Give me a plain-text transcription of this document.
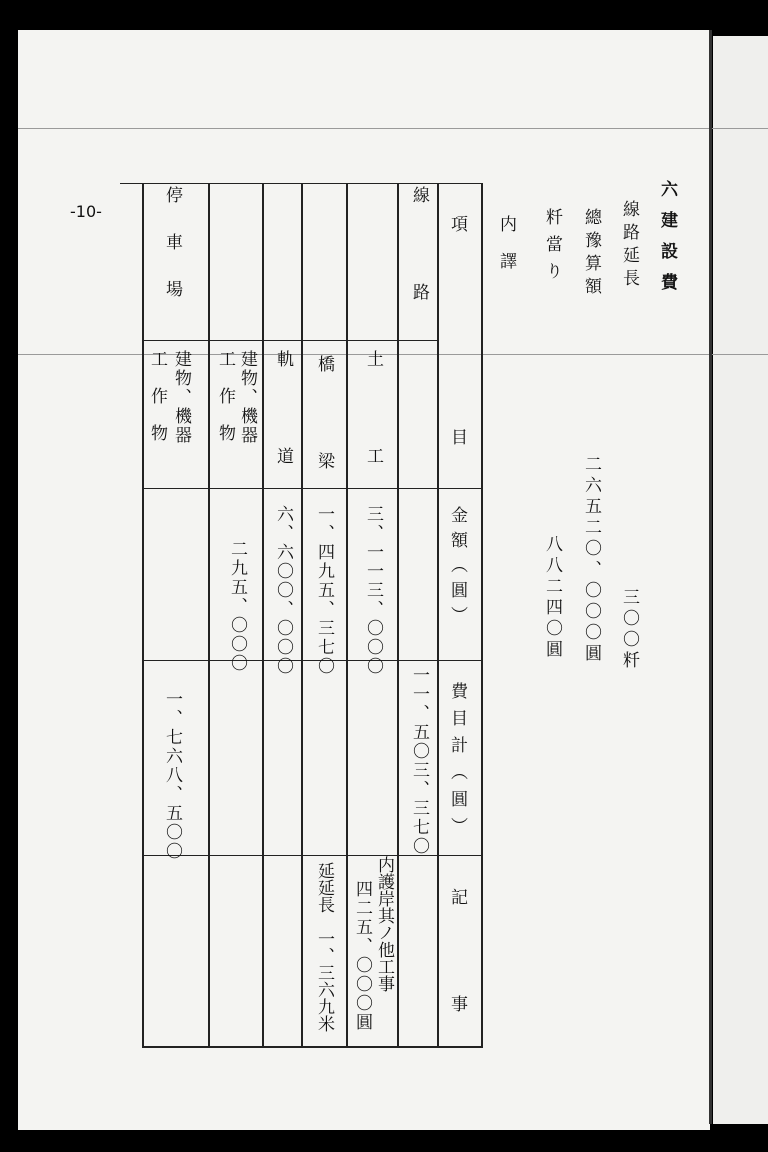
-10-	六建設費
線路延長
三〇〇粁
總豫算額
二六五二〇、〇〇〇圓
粁當り
八八二四〇圓
内譯
項
目
金額（圓）
費目計（圓）
記事
線路
一一、五〇三、三七〇
土工
三、一一三、〇〇〇
内護岸其ノ他工事
四二五、〇〇〇圓
橋梁
一、四九五、三七〇
延延長　一、三六九米
軌道
六、六〇〇、〇〇〇
建物、機器
工作物
二九五、〇〇〇
停車場
一、七六八、五〇〇
建物、機器
工作物
